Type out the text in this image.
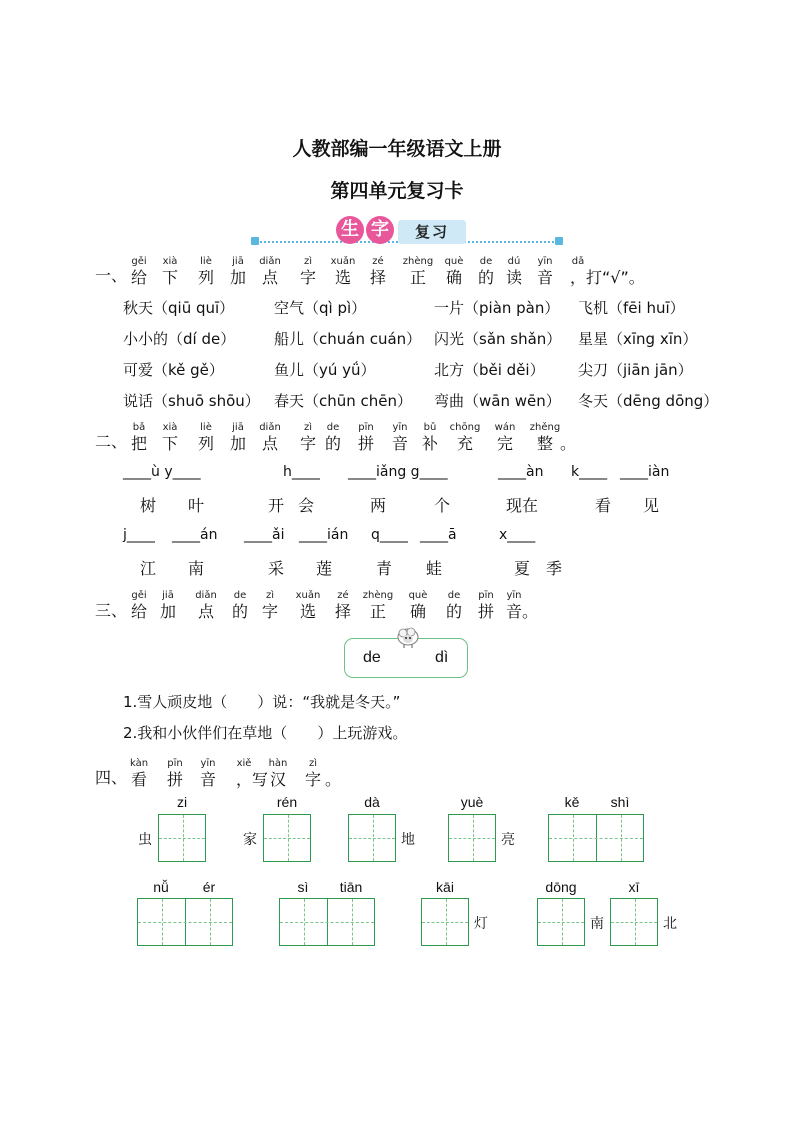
人教部编一年级语文上册
第四单元复习卡
生 字	复习
一、
gěi
给
xià
下
liè
列
jiā
加
diǎn
点
zì
字
xuǎn
选
zé
择
zhèng
正
què
确
de
的
dú
读
yīn
音
dǎ
，打“√”。
秋天（qiū quī）	空气（qì pì）	一片（piàn pàn） 飞机（fēi huī）
小小的（dí de）	船儿（chuán cuán） 闪光（sǎn shǎn） 星星（xīng xīn）
可爱（kě gě）	鱼儿（yú yǘ）	北方（běi děi） 尖刀（jiān jān）
说话（shuō shōu） 春天（chūn chēn） 弯曲（wān wēn） 冬天（dēng dōng）
二、
bǎ
把
xià
下
liè
列
jiā
加
diǎn
点
zì
字
de
的
pīn
拼
yīn
音
bǔ
补
chōng
充
wán
完
zhěng
整 。
____ù y____	h____ ____iǎng g____	____àn k____ ____iàn
树 叶	开 会	两	个	现在	看 见
j____ ____án ____ǎi ____ián q____ ____ā	x____
江 南	采 莲	青 蛙	夏 季
三、
de	dì
1.雪人顽皮地（　　）说：“我就是冬天。”
2.我和小伙伴们在草地（　　）上玩游戏。
gěi
给
jiā
加
diǎn
点
de
的
zì
字
xuǎn
选
zé
择
zhèng
正
què
确
de
的
pīn
拼
yīn
音 。
四、
kàn
看
pīn
拼
yīn
音
xiě
，写
hàn
汉
zì
字 。
zi
虫
rén
家
dà
地
yuè
亮
kě shì
nǚ ér	sì tiān	kāi
灯
dōng
南
xī
北
